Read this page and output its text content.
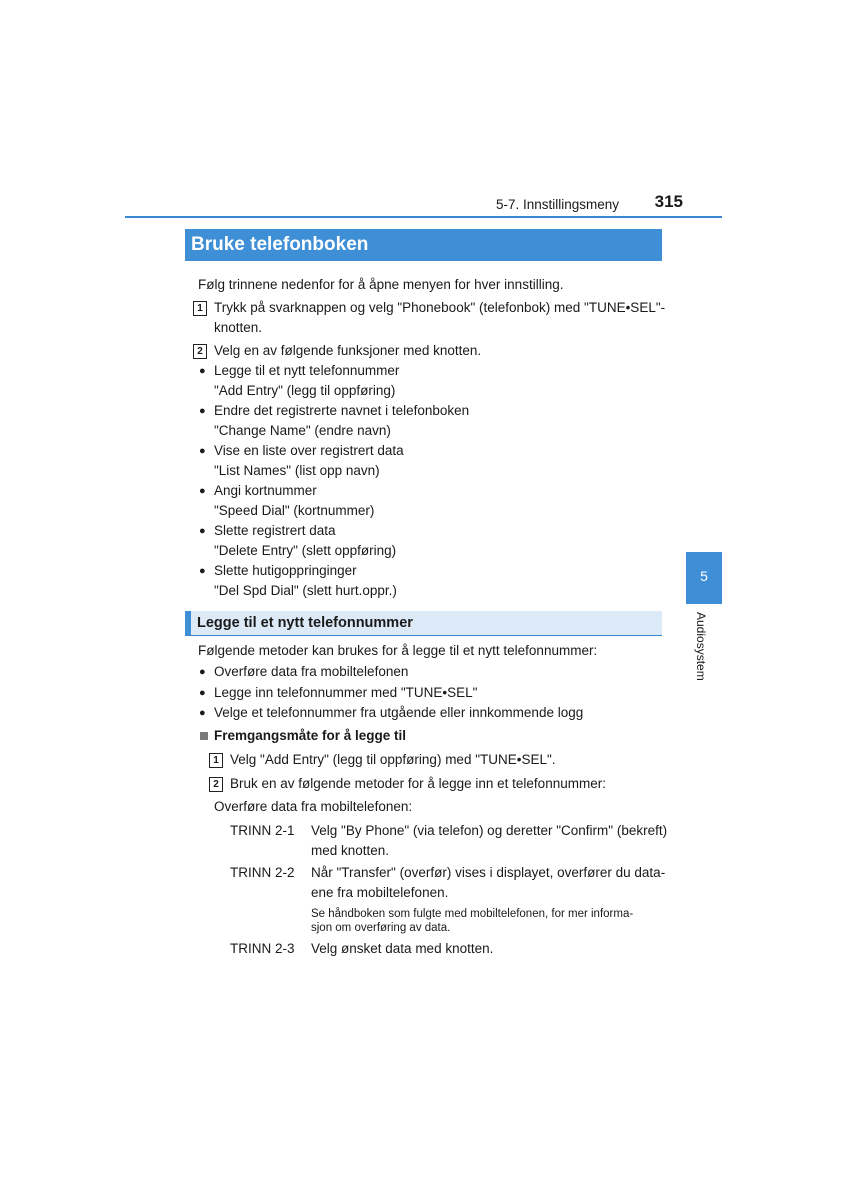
5-7. Innstillingsmeny 315
Bruke telefonboken
5
Audiosystem
Følg trinnene nedenfor for å åpne menyen for hver innstilling.
1 Trykk på svarknappen og velg "Phonebook" (telefonbok) med "TUNE•SEL"-
knotten.
2 Velg en av følgende funksjoner med knotten.
● Legge til et nytt telefonnummer
"Add Entry" (legg til oppføring)
● Endre det registrerte navnet i telefonboken
"Change Name" (endre navn)
● Vise en liste over registrert data
"List Names" (list opp navn)
● Angi kortnummer
"Speed Dial" (kortnummer)
● Slette registrert data
"Delete Entry" (slett oppføring)
● Slette hutigoppringinger
"Del Spd Dial" (slett hurt.oppr.)
Legge til et nytt telefonnummer
Følgende metoder kan brukes for å legge til et nytt telefonnummer:
● Overføre data fra mobiltelefonen
● Legge inn telefonnummer med "TUNE•SEL"
● Velge et telefonnummer fra utgående eller innkommende logg
Fremgangsmåte for å legge til
1 Velg "Add Entry" (legg til oppføring) med "TUNE•SEL".
2 Bruk en av følgende metoder for å legge inn et telefonnummer:
Overføre data fra mobiltelefonen:
TRINN 2-1 Velg "By Phone" (via telefon) og deretter "Confirm" (bekreft)
med knotten.
TRINN 2-2 Når "Transfer" (overfør) vises i displayet, overfører du data-
ene fra mobiltelefonen.
Se håndboken som fulgte med mobiltelefonen, for mer informa-
sjon om overføring av data.
TRINN 2-3 Velg ønsket data med knotten.
